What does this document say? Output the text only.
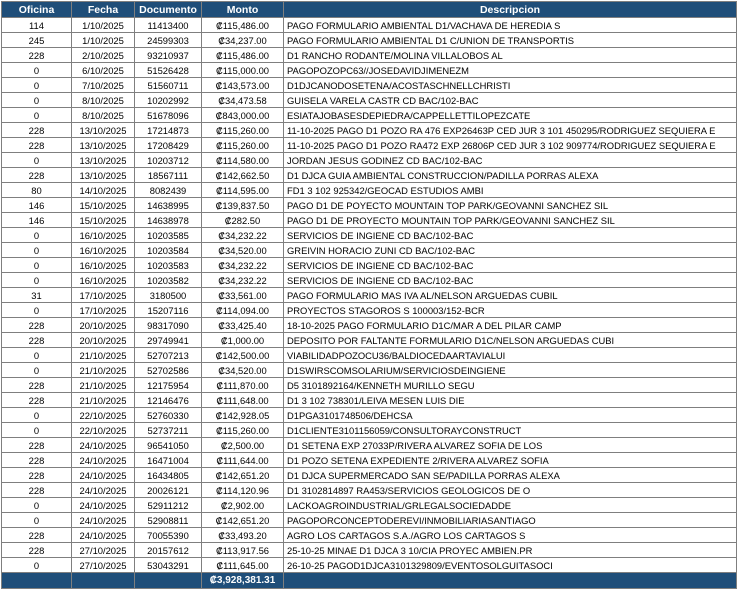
Oficina	Fecha	Documento	Monto	Descripcion
114	1/10/2025	11413400	₡115,486.00	PAGO FORMULARIO AMBIENTAL D1/VACHAVA DE HEREDIA S
245	1/10/2025	24599303	₡34,237.00	PAGO FORMULARIO AMBIENTAL D1 C/UNION DE TRANSPORTIS
228	2/10/2025	93210937	₡115,486.00	D1 RANCHO RODANTE/MOLINA VILLALOBOS AL
0	6/10/2025	51526428	₡115,000.00	PAGOPOZOPC63//JOSEDAVIDJIMENEZM
0	7/10/2025	51560711	₡143,573.00	D1DJCANODOSETENA/ACOSTASCHNELLCHRISTI
0	8/10/2025	10202992	₡34,473.58	GUISELA VARELA CASTR CD BAC/102-BAC
0	8/10/2025	51678096	₡843,000.00	ESIATAJOBASESDEPIEDRA/CAPPELLETTILOPEZCATE
228	13/10/2025	17214873	₡115,260.00	11-10-2025 PAGO D1 POZO RA 476 EXP26463P CED JUR 3 101 450295/RODRIGUEZ SEQUIERA E
228	13/10/2025	17208429	₡115,260.00	11-10-2025 PAGO D1 POZO RA472 EXP 26806P CED JUR 3 102 909774/RODRIGUEZ SEQUIERA E
0	13/10/2025	10203712	₡114,580.00	JORDAN JESUS GODINEZ CD BAC/102-BAC
228	13/10/2025	18567111	₡142,662.50	D1 DJCA GUIA AMBIENTAL CONSTRUCCION/PADILLA PORRAS ALEXA
80	14/10/2025	8082439	₡114,595.00	FD1 3 102 925342/GEOCAD ESTUDIOS AMBI
146	15/10/2025	14638995	₡139,837.50	PAGO D1 DE POYECTO MOUNTAIN TOP PARK/GEOVANNI SANCHEZ SIL
146	15/10/2025	14638978	₡282.50	PAGO D1 DE PROYECTO MOUNTAIN TOP PARK/GEOVANNI SANCHEZ SIL
0	16/10/2025	10203585	₡34,232.22	SERVICIOS DE INGIENE CD BAC/102-BAC
0	16/10/2025	10203584	₡34,520.00	GREIVIN HORACIO ZUNI CD BAC/102-BAC
0	16/10/2025	10203583	₡34,232.22	SERVICIOS DE INGIENE CD BAC/102-BAC
0	16/10/2025	10203582	₡34,232.22	SERVICIOS DE INGIENE CD BAC/102-BAC
31	17/10/2025	3180500	₡33,561.00	PAGO FORMULARIO MAS IVA AL/NELSON ARGUEDAS CUBIL
0	17/10/2025	15207116	₡114,094.00	PROYECTOS STAGOROS S 100003/152-BCR
228	20/10/2025	98317090	₡33,425.40	18-10-2025 PAGO FORMULARIO D1C/MAR A DEL PILAR CAMP
228	20/10/2025	29749941	₡1,000.00	DEPOSITO POR FALTANTE FORMULARIO D1C/NELSON ARGUEDAS CUBI
0	21/10/2025	52707213	₡142,500.00	VIABILIDADPOZOCU36/BALDIOCEDAARTAVIALUI
0	21/10/2025	52702586	₡34,520.00	D1SWIRSCOMSOLARIUM/SERVICIOSDEINGIENE
228	21/10/2025	12175954	₡111,870.00	D5 3101892164/KENNETH MURILLO SEGU
228	21/10/2025	12146476	₡111,648.00	D1 3 102 738301/LEIVA MESEN LUIS DIE
0	22/10/2025	52760330	₡142,928.05	D1PGA3101748506/DEHCSA
0	22/10/2025	52737211	₡115,260.00	D1CLIENTE3101156059/CONSULTORAYCONSTRUCT
228	24/10/2025	96541050	₡2,500.00	D1 SETENA EXP 27033P/RIVERA ALVAREZ SOFIA DE LOS
228	24/10/2025	16471004	₡111,644.00	D1 POZO SETENA EXPEDIENTE 2/RIVERA ALVAREZ SOFIA
228	24/10/2025	16434805	₡142,651.20	D1 DJCA SUPERMERCADO SAN SE/PADILLA PORRAS ALEXA
228	24/10/2025	20026121	₡114,120.96	D1 3102814897 RA453/SERVICIOS GEOLOGICOS DE O
0	24/10/2025	52911212	₡2,902.00	LACKOAGROINDUSTRIAL/GRLEGALSOCIEDADDE
0	24/10/2025	52908811	₡142,651.20	PAGOPORCONCEPTODEREVI/INMOBILIARIASANTIAGO
228	24/10/2025	70055390	₡33,493.20	AGRO LOS CARTAGOS S.A./AGRO LOS CARTAGOS S
228	27/10/2025	20157612	₡113,917.56	25-10-25 MINAE D1 DJCA 3 10/CIA PROYEC AMBIEN.PR
0	27/10/2025	53043291	₡111,645.00	26-10-25 PAGOD1DJCA3101329809/EVENTOSOLGUITASOCI
			₡3,928,381.31	
